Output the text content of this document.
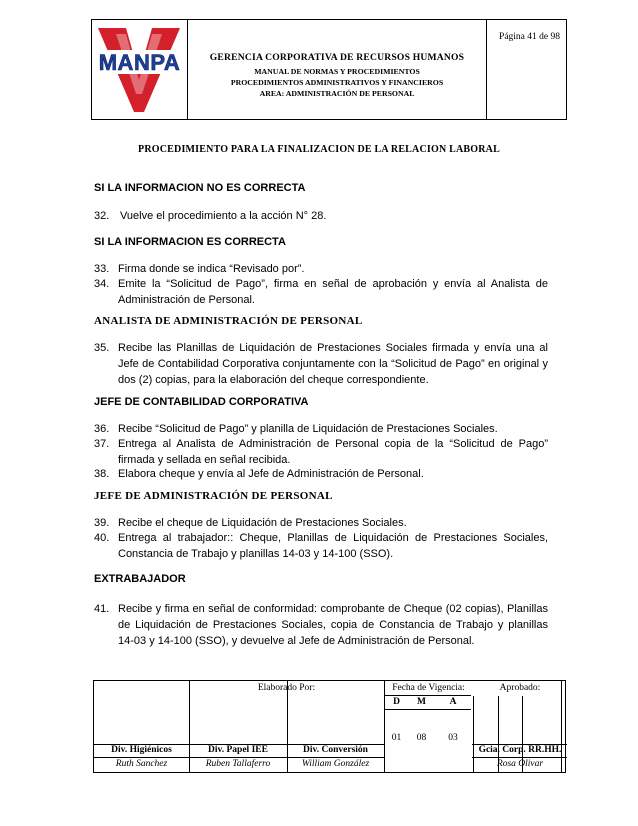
MANPA	GERENCIA CORPORATIVA DE RECURSOS HUMANOS
MANUAL DE NORMAS Y PROCEDIMIENTOS
PROCEDIMIENTOS ADMINISTRATIVOS Y FINANCIEROS
AREA: ADMINISTRACIÓN DE PERSONAL
Página 41 de 98
PROCEDIMIENTO PARA LA FINALIZACION DE LA RELACION LABORAL
SI LA INFORMACION NO ES CORRECTA
32. Vuelve el procedimiento a la acción N° 28.
SI LA INFORMACION ES CORRECTA
33. Firma donde se indica “Revisado por”.
34. Emite la “Solicitud de Pago”, firma en señal de aprobación y envía al Analista de Administración de Personal.
ANALISTA DE ADMINISTRACIÓN DE PERSONAL
35. Recibe las Planillas de Liquidación de Prestaciones Sociales firmada y envía una al Jefe de Contabilidad Corporativa conjuntamente con la “Solicitud de Pago” en original y dos (2) copias, para la elaboración del cheque correspondiente.
JEFE DE CONTABILIDAD CORPORATIVA
36. Recibe “Solicitud de Pago” y planilla de Liquidación de Prestaciones Sociales.
37. Entrega al Analista de Administración de Personal copia de la “Solicitud de Pago” firmada y sellada en señal recibida.
38. Elabora cheque y envía al Jefe de Administración de Personal.
JEFE DE ADMINISTRACIÓN DE PERSONAL
39. Recibe el cheque de Liquidación de Prestaciones Sociales.
40. Entrega al trabajador:: Cheque, Planillas de Liquidación de Prestaciones Sociales, Constancia de Trabajo y planillas 14-03 y 14-100 (SSO).
EXTRABAJADOR
41. Recibe y firma en señal de conformidad: comprobante de Cheque (02 copias), Planillas de Liquidación de Prestaciones Sociales, copia de Constancia de Trabajo y planillas      14-03 y 14-100 (SSO), y devuelve al Jefe de Administración de Personal.
Elaborado Por:	Fecha de Vigencia:	Aprobado:
D	M	A
01	08	03
Div. Higiénicos	Div. Papel IEE	Div. Conversión	Gcia. Corp. RR.HH.
Ruth Sanchez	Ruben Tallaferro	William González	Rosa Olivar
